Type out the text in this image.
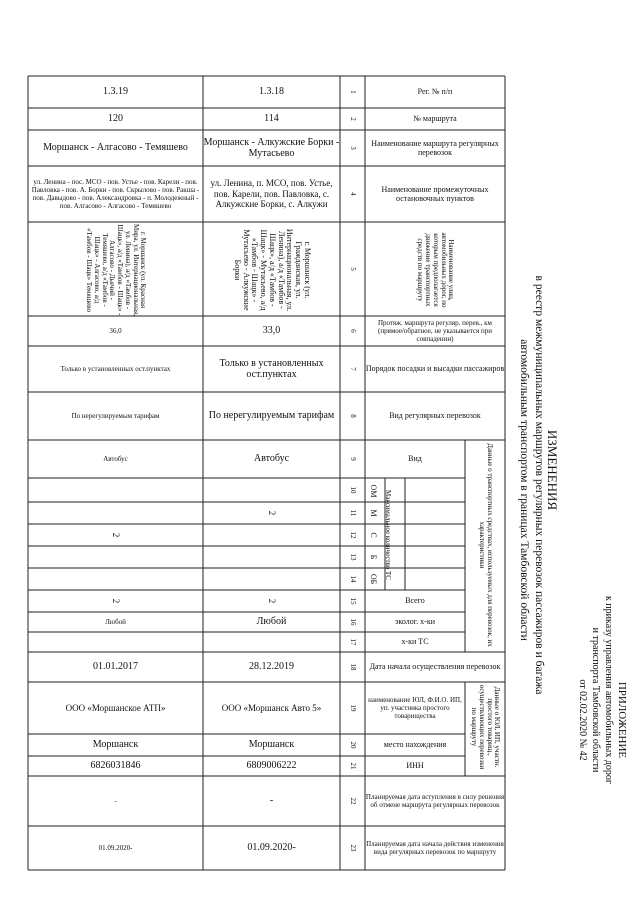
ПРИЛОЖЕНИЕ
к приказу управления автомобильных дорог
и транспорта Тамбовской области
от 02.02.2020 № 42
ИЗМЕНЕНИЯ
в реестр межмуниципальных маршрутов регулярных перевозок пассажиров и багажа
автомобильным транспортом в границах Тамбовской области
Рег. № п/п
№ маршрута
Наименование маршрута регулярных перевозок
Наименование промежуточных остановочных пунктов
Наименование улиц, автомобильных дорог, по которым предполагается движение транспортных средств по маршруту
Протяж. маршрута регуляр. перев., км (прямое/обратное, не указывается при совпадении)
Порядок посадки и высадки пассажиров
Вид регулярных перевозок
Данные о транспортных средствах, используемых для перевозок, их характеристики
Вид
Максимальное количество ТС
ОМ
М
С
Б
ОБ
Всего
эколог. х-ки
х-ки ТС
Дата начала осуществления перевозок
Данные о ЮЛ, ИП, участн. простого товарищ., осуществляющих перевозки по маршруту
наименование ЮЛ, Ф.И.О. ИП, уп. участника простого товарищества
место нахождения
ИНН
Планируемая дата вступления в силу решения об отмене маршрута регулярных перевозок
Планируемая дата начала действия изменения вида регулярных перевозок по маршруту
1
2
3
4
5
6
7
8
9
10
11
12
13
14
15
16
17
18
19
20
21
22
23
1.3.18
114
Моршанск - Алкужские Борки - Мутасьево
ул. Ленина, п. МСО, пов. Устье, пов. Карели, пов. Павловка, с. Алкужские Борки, с. Алкужи
г. Моршанск (ул. Гражданская, ул. Интернациональная, ул. Ленина), а/д «Тамбов - Шацк», а/д «Тамбов - Шацк» - Мутасьево, а/д «Тамбов - Шацк» - Мутасьево - Алкужские Борки
33,0
Только в установленных ост.пунктах
По нерегулируемым тарифам
Автобус
2
2
Любой
28.12.2019
ООО «Моршанск Авто 5»
Моршанск
6809006222
-
01.09.2020-
1.3.19
120
Моршанск - Алгасово - Темяшево
ул. Ленина - пос. МСО - пов. Устье - пов. Карели - пов. Павловка - пов. А. Борки - пов. Скрылово - пов. Ракша - пов. Давыдово - пов. Александровка - п. Молодежный - пов. Алгасово - Алгасово - Темяшево
г. Моршанск (ул. Красная Мира, ул. Интернациональная, ул. Ленина), а/д «Тамбов - Шацк», а/д «Тамбов - Шацк» - Алгасово - Дьячий - Темяшево, а/д «Тамбов - Шацк» - Алгасово, а/д «Тамбов - Шацк» Темяшево
36,0
Только в установленных ост.пунктах
По нерегулируемым тарифам
Автобус
2
2
Любой
01.01.2017
ООО «Моршанское АТП»
Моршанск
6826031846
-
01.09.2020-
